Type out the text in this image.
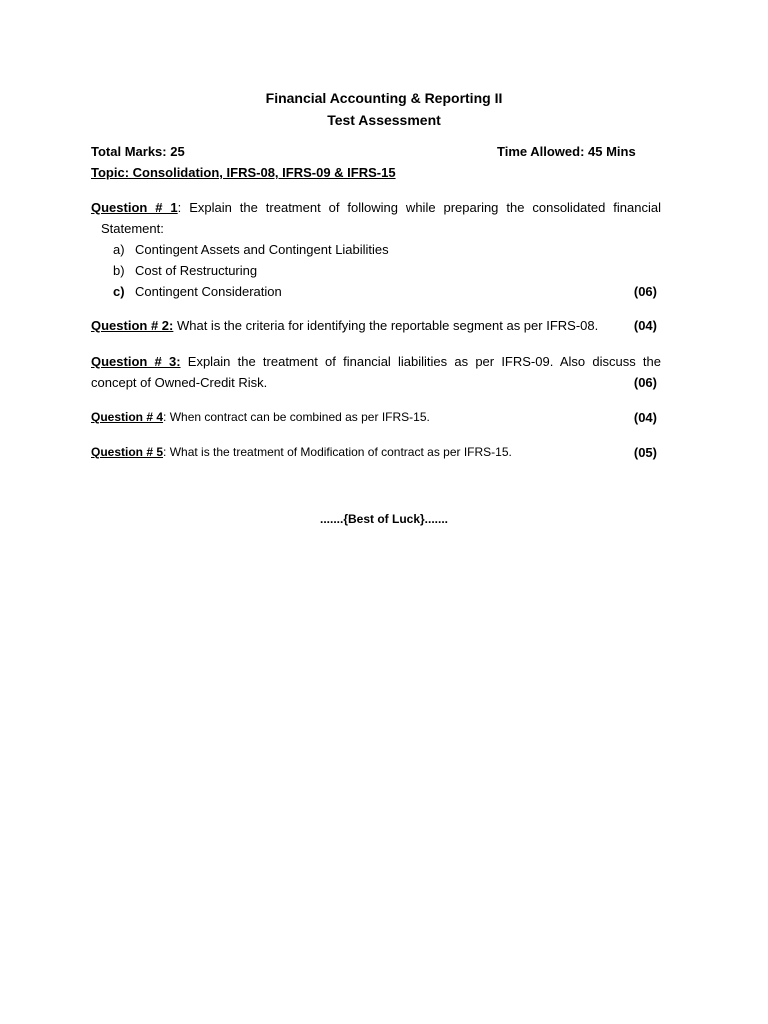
Financial Accounting & Reporting II
Test Assessment
Total Marks: 25	Time Allowed: 45 Mins
Topic: Consolidation, IFRS-08, IFRS-09 & IFRS-15
Question # 1: Explain the treatment of following while preparing the consolidated financial
Statement:
a) Contingent Assets and Contingent Liabilities
b) Cost of Restructuring
c) Contingent Consideration	(06)
Question # 2: What is the criteria for identifying the reportable segment as per IFRS-08.	(04)
Question # 3: Explain the treatment of financial liabilities as per IFRS-09. Also discuss the
concept of Owned-Credit Risk.	(06)
Question # 4: When contract can be combined as per IFRS-15.	(04)
Question # 5: What is the treatment of Modification of contract as per IFRS-15.	(05)
.......{Best of Luck}.......
